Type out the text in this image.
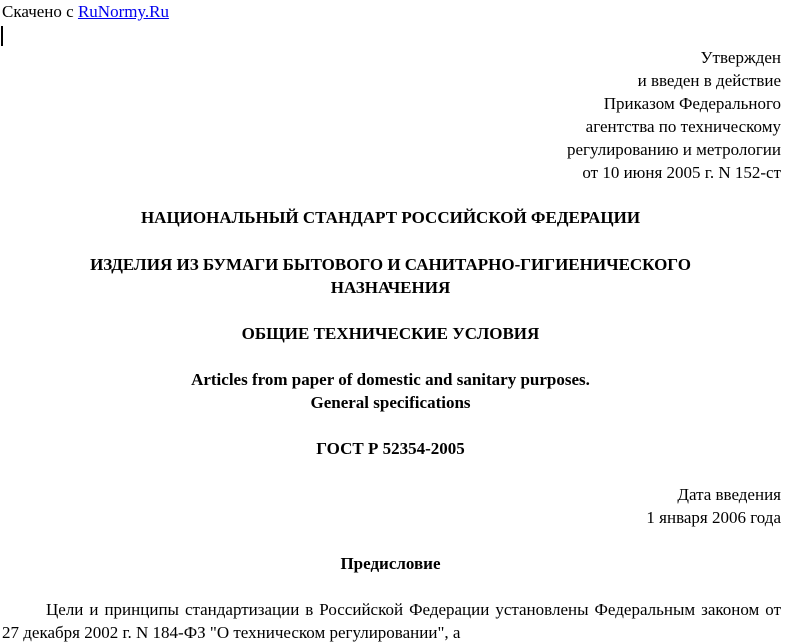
Скачено с RuNormy.Ru
Утвержден
и введен в действие
Приказом Федерального
агентства по техническому
регулированию и метрологии
от 10 июня 2005 г. N 152-ст
НАЦИОНАЛЬНЫЙ СТАНДАРТ РОССИЙСКОЙ ФЕДЕРАЦИИ
ИЗДЕЛИЯ ИЗ БУМАГИ БЫТОВОГО И САНИТАРНО-ГИГИЕНИЧЕСКОГО
НАЗНАЧЕНИЯ
ОБЩИЕ ТЕХНИЧЕСКИЕ УСЛОВИЯ
Articles from paper of domestic and sanitary purposes.
General specifications
ГОСТ Р 52354-2005
Дата введения
1 января 2006 года
Предисловие
Цели и принципы стандартизации в Российской Федерации установлены Федеральным законом от 27 декабря 2002 г. N 184-ФЗ "О техническом регулировании", а
